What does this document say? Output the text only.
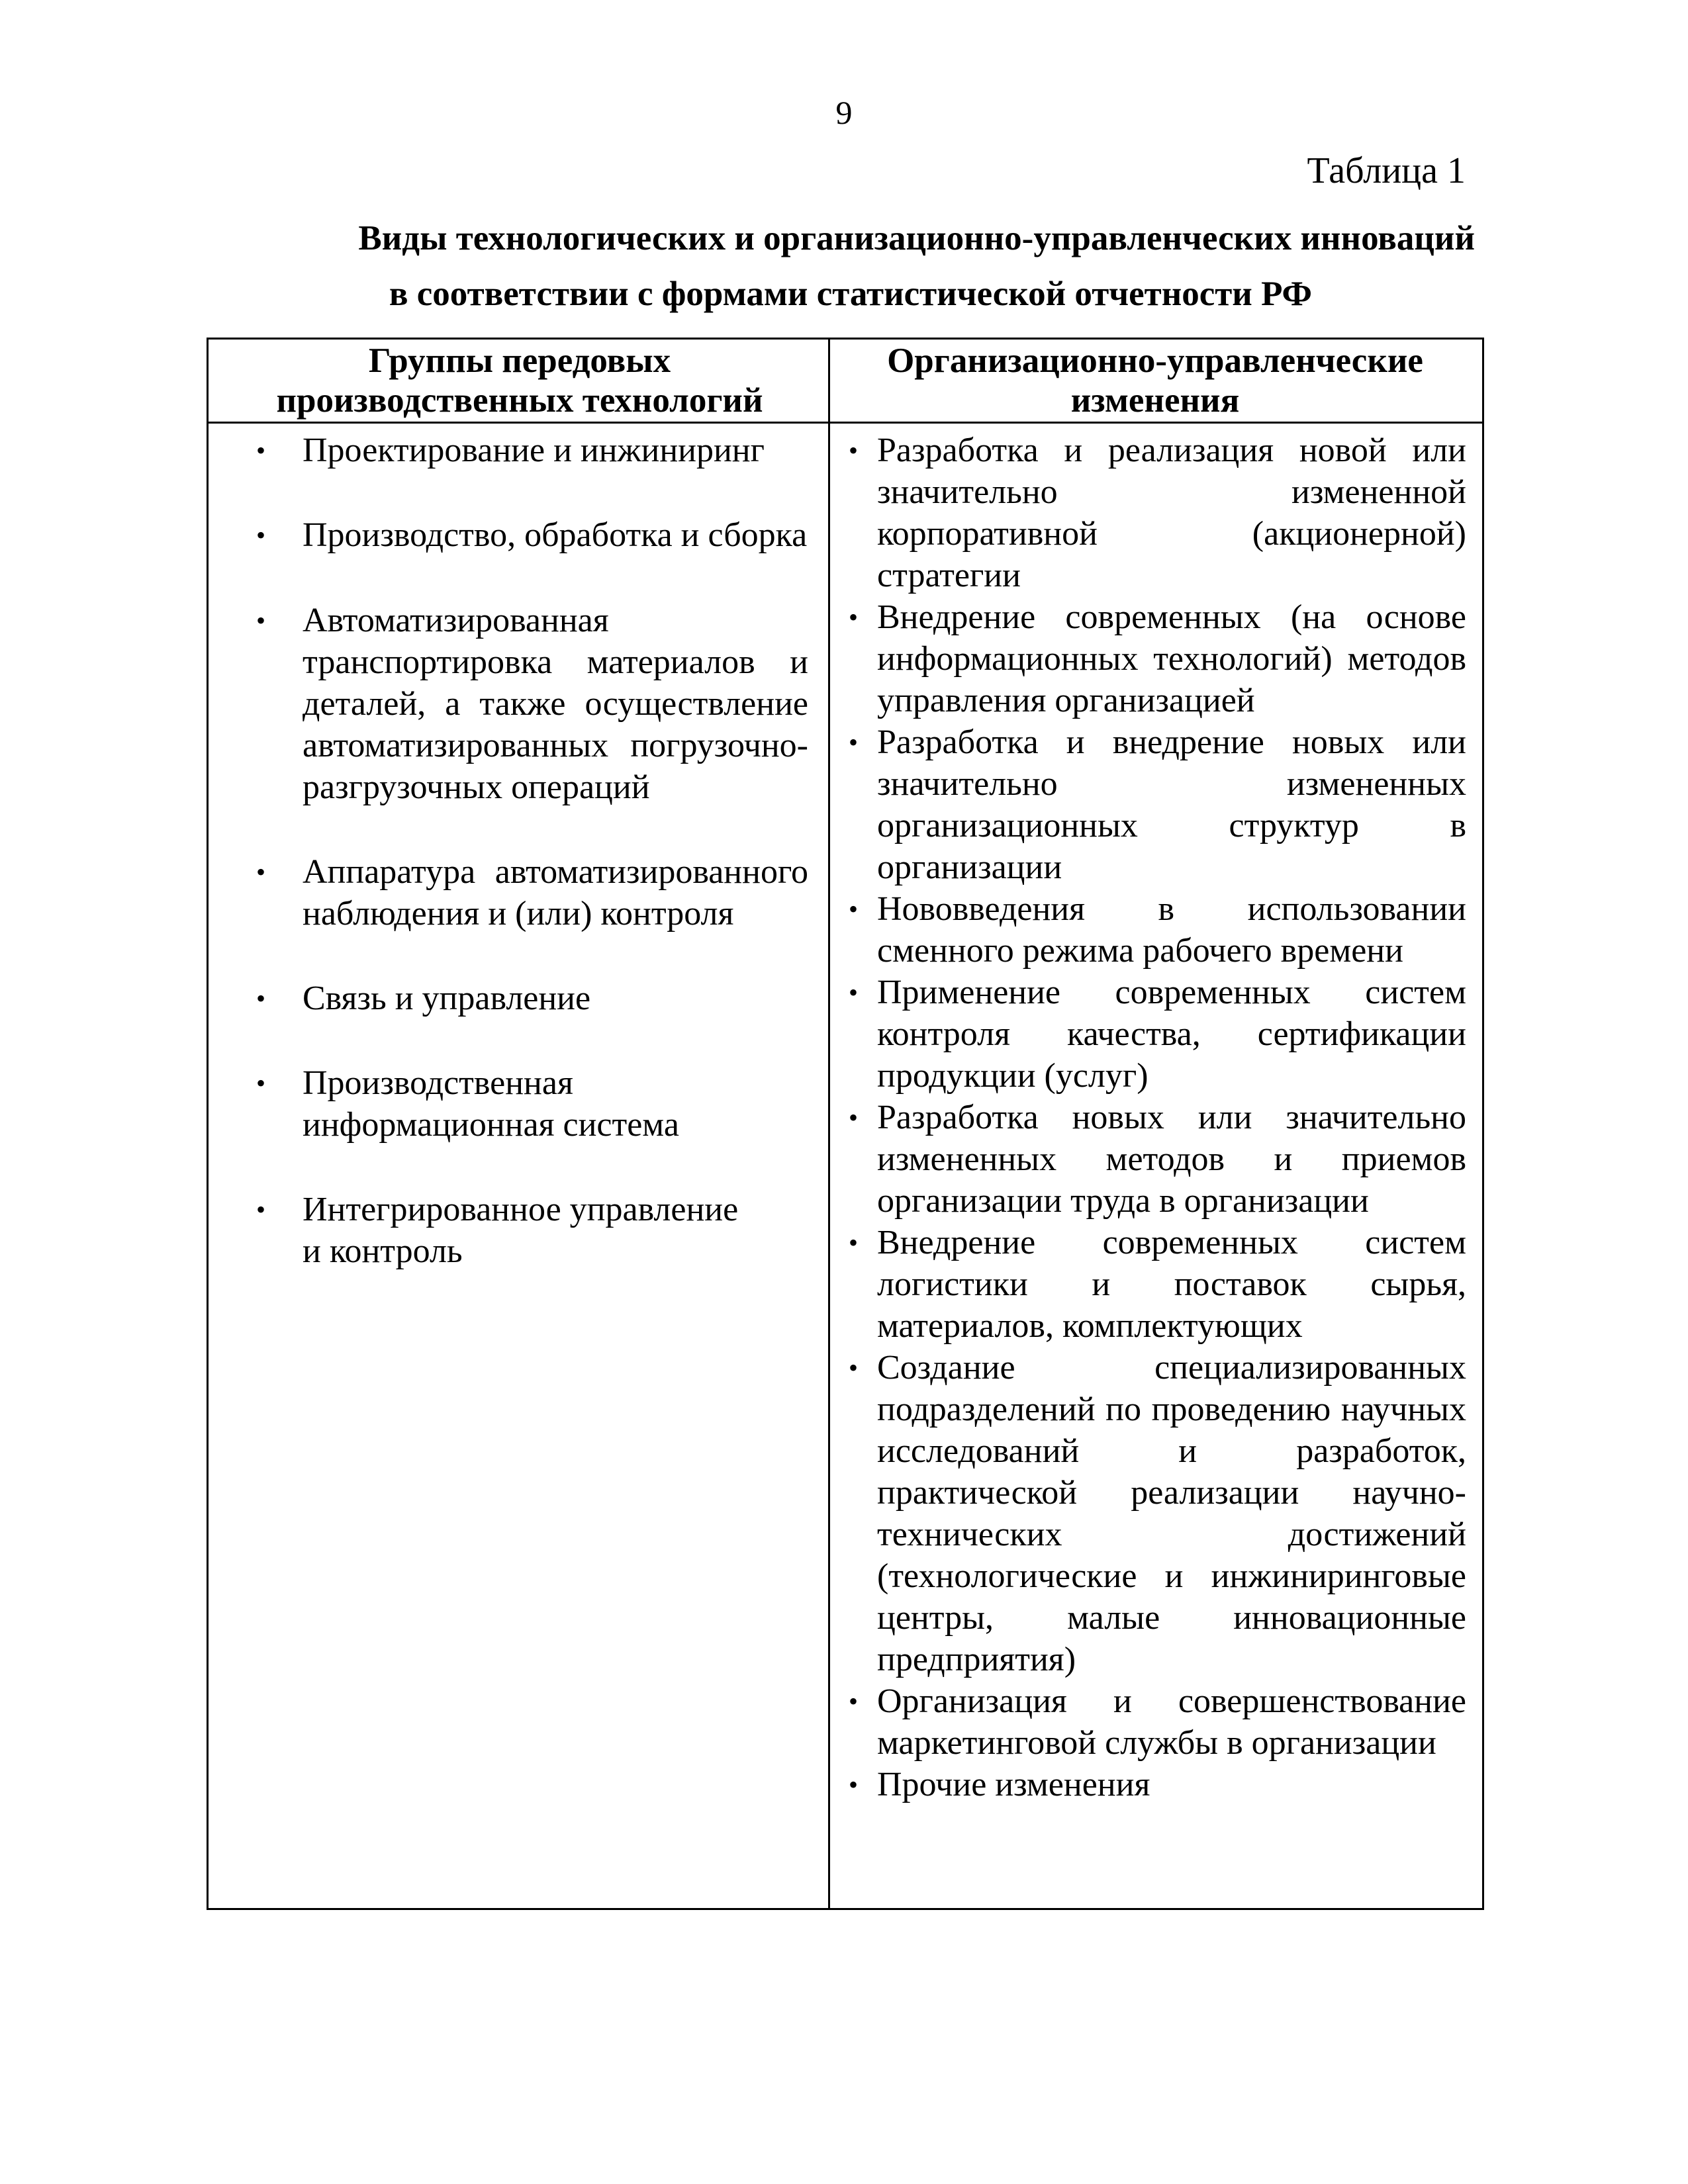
9
Таблица 1
Виды технологических и организационно-управленческих инноваций
в соответствии с формами статистической отчетности РФ
Группы передовых производственных технологий
Организационно-управленческие изменения
• Проектирование и инжиниринг
• Производство, обработка и сборка
• Автоматизированная транспортировка материалов и деталей, а также осуществление автоматизированных погрузочно-разгрузочных операций
• Аппаратура автоматизированного наблюдения и (или) контроля
• Связь и управление
• Производственная информационная система
• Интегрированное управление и контроль
• Разработка и реализация новой или значительно измененной корпоративной (акционерной) стратегии
• Внедрение современных (на основе информационных технологий) методов управления организацией
• Разработка и внедрение новых или значительно измененных организационных структур в организации
• Нововведения в использовании сменного режима рабочего времени
• Применение современных систем контроля качества, сертификации продукции (услуг)
• Разработка новых или значительно измененных методов и приемов организации труда в организации
• Внедрение современных систем логистики и поставок сырья, материалов, комплектующих
• Создание специализированных подразделений по проведению научных исследований и разработок, практической реализации научно-технических достижений (технологические и инжиниринговые центры, малые инновационные предприятия)
• Организация и совершенствование маркетинговой службы в организации
• Прочие изменения
